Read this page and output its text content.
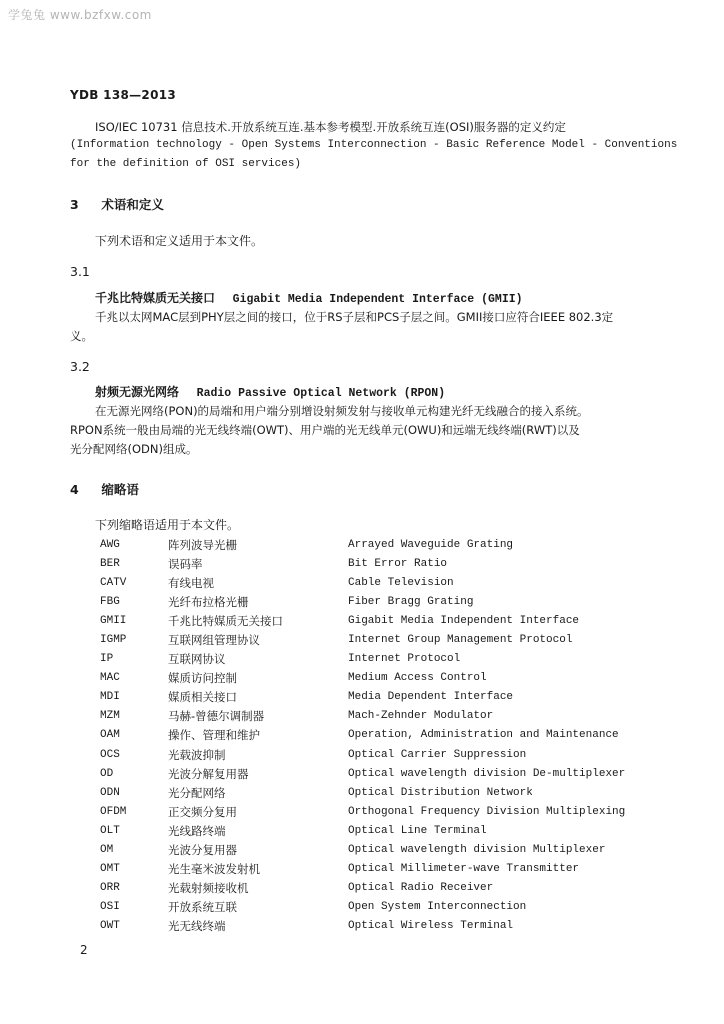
学兔兔 www.bzfxw.com
YDB 138—2013
ISO/IEC 10731 信息技术.开放系统互连.基本参考模型.开放系统互连(OSI)服务器的定义约定
(Information technology - Open Systems Interconnection - Basic Reference Model - Conventions
for the definition of OSI services)
3 术语和定义
下列术语和定义适用于本文件。
3.1
千兆比特媒质无关接口 Gigabit Media Independent Interface (GMII)
千兆以太网MAC层到PHY层之间的接口，位于RS子层和PCS子层之间。GMII接口应符合IEEE 802.3定
义。
3.2
射频无源光网络 Radio Passive Optical Network (RPON)
在无源光网络(PON)的局端和用户端分别增设射频发射与接收单元构建光纤无线融合的接入系统。
RPON系统一般由局端的光无线终端(OWT)、用户端的光无线单元(OWU)和远端无线终端(RWT)以及
光分配网络(ODN)组成。
4 缩略语
下列缩略语适用于本文件。
AWG	阵列波导光栅	Arrayed Waveguide Grating
BER	误码率	Bit Error Ratio
CATV	有线电视	Cable Television
FBG	光纤布拉格光栅	Fiber Bragg Grating
GMII	千兆比特媒质无关接口	Gigabit Media Independent Interface
IGMP	互联网组管理协议	Internet Group Management Protocol
IP	互联网协议	Internet Protocol
MAC	媒质访问控制	Medium Access Control
MDI	媒质相关接口	Media Dependent Interface
MZM	马赫-曾德尔调制器	Mach-Zehnder Modulator
OAM	操作、管理和维护	Operation, Administration and Maintenance
OCS	光载波抑制	Optical Carrier Suppression
OD	光波分解复用器	Optical wavelength division De-multiplexer
ODN	光分配网络	Optical Distribution Network
OFDM	正交频分复用	Orthogonal Frequency Division Multiplexing
OLT	光线路终端	Optical Line Terminal
OM	光波分复用器	Optical wavelength division Multiplexer
OMT	光生毫米波发射机	Optical Millimeter-wave Transmitter
ORR	光载射频接收机	Optical Radio Receiver
OSI	开放系统互联	Open System Interconnection
OWT	光无线终端	Optical Wireless Terminal
2
